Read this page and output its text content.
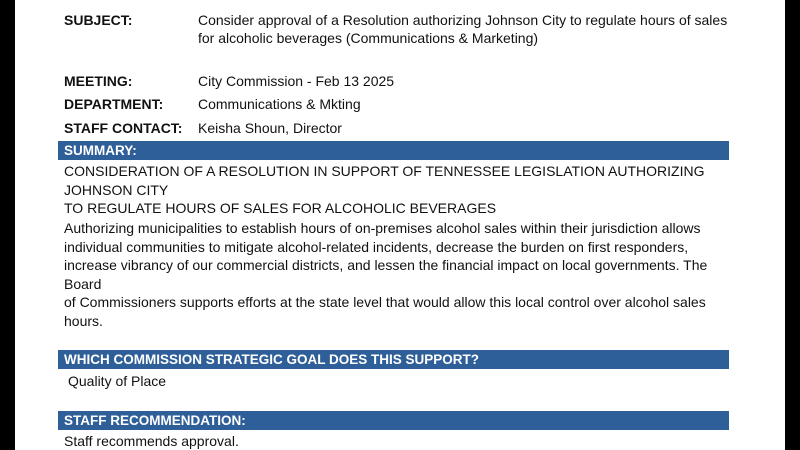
SUBJECT:	Consider approval of a Resolution authorizing Johnson City to regulate hours of sales
for alcoholic beverages (Communications & Marketing)
MEETING:	City Commission - Feb 13 2025
DEPARTMENT:	Communications & Mkting
STAFF CONTACT:	Keisha Shoun, Director
SUMMARY:
CONSIDERATION OF A RESOLUTION IN SUPPORT OF TENNESSEE LEGISLATION AUTHORIZING JOHNSON CITY
TO REGULATE HOURS OF SALES FOR ALCOHOLIC BEVERAGES
Authorizing municipalities to establish hours of on-premises alcohol sales within their jurisdiction allows
individual communities to mitigate alcohol-related incidents, decrease the burden on first responders,
increase vibrancy of our commercial districts, and lessen the financial impact on local governments. The Board
of Commissioners supports efforts at the state level that would allow this local control over alcohol sales
hours.
WHICH COMMISSION STRATEGIC GOAL DOES THIS SUPPORT?
Quality of Place
STAFF RECOMMENDATION:
Staff recommends approval.
